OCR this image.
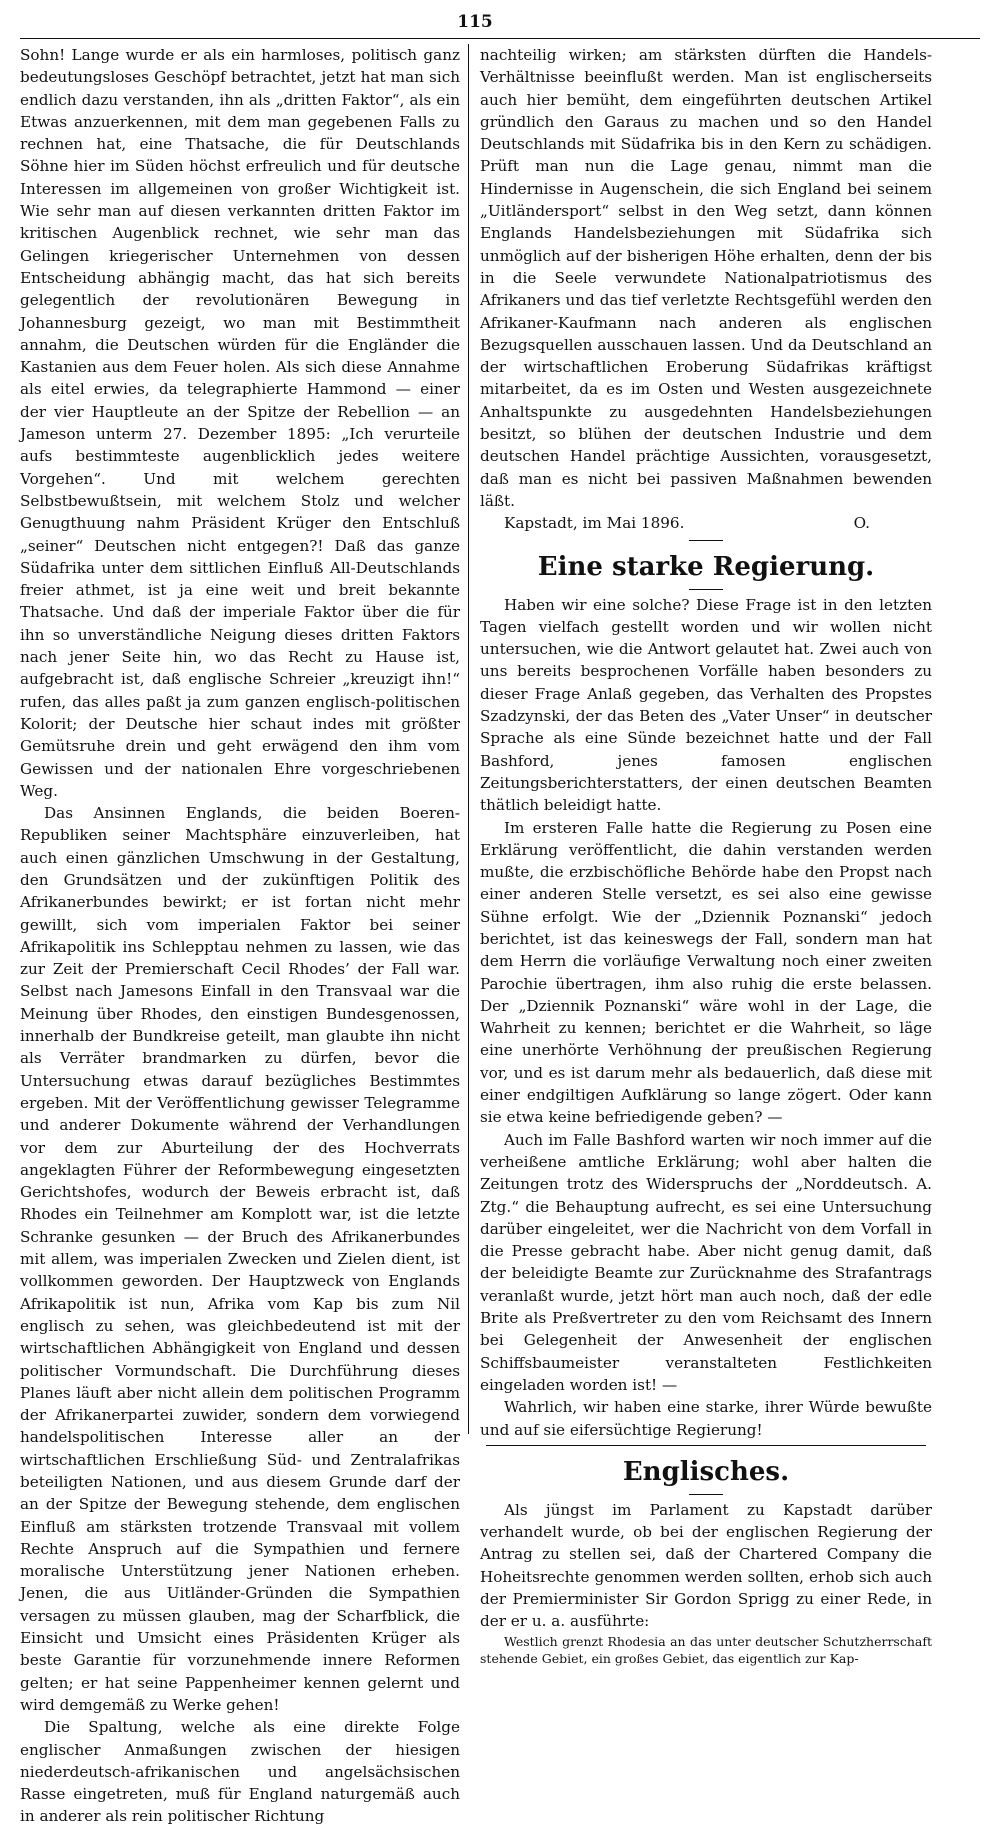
115

Sohn! Lange wurde er als ein harmloses, politisch ganz bedeutungsloses Geschöpf betrachtet, jetzt hat man sich endlich dazu verstanden, ihn als „dritten Faktor“, als ein Etwas anzuerkennen, mit dem man gegebenen Falls zu rechnen hat, eine Thatsache, die für Deutschlands Söhne hier im Süden höchst erfreulich und für deutsche Interessen im allgemeinen von großer Wichtigkeit ist. Wie sehr man auf diesen verkannten dritten Faktor im kritischen Augenblick rechnet, wie sehr man das Gelingen kriegerischer Unternehmen von dessen Entscheidung abhängig macht, das hat sich bereits gelegentlich der revolutionären Bewegung in Johannesburg gezeigt, wo man mit Bestimmtheit annahm, die Deutschen würden für die Engländer die Kastanien aus dem Feuer holen. Als sich diese Annahme als eitel erwies, da telegraphierte Hammond — einer der vier Hauptleute an der Spitze der Rebellion — an Jameson unterm 27. Dezember 1895: „Ich verurteile aufs bestimmteste augenblicklich jedes weitere Vorgehen“. Und mit welchem gerechten Selbstbewußtsein, mit welchem Stolz und welcher Genugthuung nahm Präsident Krüger den Entschluß „seiner“ Deutschen nicht entgegen?! Daß das ganze Südafrika unter dem sittlichen Einfluß All-Deutschlands freier athmet, ist ja eine weit und breit bekannte Thatsache. Und daß der imperiale Faktor über die für ihn so unverständliche Neigung dieses dritten Faktors nach jener Seite hin, wo das Recht zu Hause ist, aufgebracht ist, daß englische Schreier „kreuzigt ihn!“ rufen, das alles paßt ja zum ganzen englisch-politischen Kolorit; der Deutsche hier schaut indes mit größter Gemütsruhe drein und geht erwägend den ihm vom Gewissen und der nationalen Ehre vorgeschriebenen Weg.

Das Ansinnen Englands, die beiden Boeren-Republiken seiner Machtsphäre einzuverleiben, hat auch einen gänzlichen Umschwung in der Gestaltung, den Grundsätzen und der zukünftigen Politik des Afrikanerbundes bewirkt; er ist fortan nicht mehr gewillt, sich vom imperialen Faktor bei seiner Afrikapolitik ins Schlepptau nehmen zu lassen, wie das zur Zeit der Premierschaft Cecil Rhodes’ der Fall war. Selbst nach Jamesons Einfall in den Transvaal war die Meinung über Rhodes, den einstigen Bundesgenossen, innerhalb der Bundkreise geteilt, man glaubte ihn nicht als Verräter brandmarken zu dürfen, bevor die Untersuchung etwas darauf bezügliches Bestimmtes ergeben. Mit der Veröffentlichung gewisser Telegramme und anderer Dokumente während der Verhandlungen vor dem zur Aburteilung der des Hochverrats angeklagten Führer der Reformbewegung eingesetzten Gerichtshofes, wodurch der Beweis erbracht ist, daß Rhodes ein Teilnehmer am Komplott war, ist die letzte Schranke gesunken — der Bruch des Afrikanerbundes mit allem, was imperialen Zwecken und Zielen dient, ist vollkommen geworden. Der Hauptzweck von Englands Afrikapolitik ist nun, Afrika vom Kap bis zum Nil englisch zu sehen, was gleichbedeutend ist mit der wirtschaftlichen Abhängigkeit von England und dessen politischer Vormundschaft. Die Durchführung dieses Planes läuft aber nicht allein dem politischen Programm der Afrikanerpartei zuwider, sondern dem vorwiegend handelspolitischen Interesse aller an der wirtschaftlichen Erschließung Süd- und Zentralafrikas beteiligten Nationen, und aus diesem Grunde darf der an der Spitze der Bewegung stehende, dem englischen Einfluß am stärksten trotzende Transvaal mit vollem Rechte Anspruch auf die Sympathien und fernere moralische Unterstützung jener Nationen erheben. Jenen, die aus Uitländer-Gründen die Sympathien versagen zu müssen glauben, mag der Scharfblick, die Einsicht und Umsicht eines Präsidenten Krüger als beste Garantie für vorzunehmende innere Reformen gelten; er hat seine Pappenheimer kennen gelernt und wird demgemäß zu Werke gehen!

Die Spaltung, welche als eine direkte Folge englischer Anmaßungen zwischen der hiesigen niederdeutsch-afrikanischen und angelsächsischen Rasse eingetreten, muß für England naturgemäß auch in anderer als rein politischer Richtung

nachteilig wirken; am stärksten dürften die Handels-Verhältnisse beeinflußt werden. Man ist englischerseits auch hier bemüht, dem eingeführten deutschen Artikel gründlich den Garaus zu machen und so den Handel Deutschlands mit Südafrika bis in den Kern zu schädigen. Prüft man nun die Lage genau, nimmt man die Hindernisse in Augenschein, die sich England bei seinem „Uitländersport“ selbst in den Weg setzt, dann können Englands Handelsbeziehungen mit Südafrika sich unmöglich auf der bisherigen Höhe erhalten, denn der bis in die Seele verwundete Nationalpatriotismus des Afrikaners und das tief verletzte Rechtsgefühl werden den Afrikaner-Kaufmann nach anderen als englischen Bezugsquellen ausschauen lassen. Und da Deutschland an der wirtschaftlichen Eroberung Südafrikas kräftigst mitarbeitet, da es im Osten und Westen ausgezeichnete Anhaltspunkte zu ausgedehnten Handelsbeziehungen besitzt, so blühen der deutschen Industrie und dem deutschen Handel prächtige Aussichten, vorausgesetzt, daß man es nicht bei passiven Maßnahmen bewenden läßt.

Kapstadt, im Mai 1896.	O.
Eine starke Regierung.

Haben wir eine solche? Diese Frage ist in den letzten Tagen vielfach gestellt worden und wir wollen nicht untersuchen, wie die Antwort gelautet hat. Zwei auch von uns bereits besprochenen Vorfälle haben besonders zu dieser Frage Anlaß gegeben, das Verhalten des Propstes Szadzynski, der das Beten des „Vater Unser“ in deutscher Sprache als eine Sünde bezeichnet hatte und der Fall Bashford, jenes famosen englischen Zeitungsberichterstatters, der einen deutschen Beamten thätlich beleidigt hatte.

Im ersteren Falle hatte die Regierung zu Posen eine Erklärung veröffentlicht, die dahin verstanden werden mußte, die erzbischöfliche Behörde habe den Propst nach einer anderen Stelle versetzt, es sei also eine gewisse Sühne erfolgt. Wie der „Dziennik Poznanski“ jedoch berichtet, ist das keineswegs der Fall, sondern man hat dem Herrn die vorläufige Verwaltung noch einer zweiten Parochie übertragen, ihm also ruhig die erste belassen. Der „Dziennik Poznanski“ wäre wohl in der Lage, die Wahrheit zu kennen; berichtet er die Wahrheit, so läge eine unerhörte Verhöhnung der preußischen Regierung vor, und es ist darum mehr als bedauerlich, daß diese mit einer endgiltigen Aufklärung so lange zögert. Oder kann sie etwa keine befriedigende geben? —

Auch im Falle Bashford warten wir noch immer auf die verheißene amtliche Erklärung; wohl aber halten die Zeitungen trotz des Widerspruchs der „Norddeutsch. A. Ztg.“ die Behauptung aufrecht, es sei eine Untersuchung darüber eingeleitet, wer die Nachricht von dem Vorfall in die Presse gebracht habe. Aber nicht genug damit, daß der beleidigte Beamte zur Zurücknahme des Strafantrags veranlaßt wurde, jetzt hört man auch noch, daß der edle Brite als Preßvertreter zu den vom Reichsamt des Innern bei Gelegenheit der Anwesenheit der englischen Schiffsbaumeister veranstalteten Festlichkeiten eingeladen worden ist! —

Wahrlich, wir haben eine starke, ihrer Würde bewußte und auf sie eifersüchtige Regierung!

Englisches.

Als jüngst im Parlament zu Kapstadt darüber verhandelt wurde, ob bei der englischen Regierung der Antrag zu stellen sei, daß der Chartered Company die Hoheitsrechte genommen werden sollten, erhob sich auch der Premierminister Sir Gordon Sprigg zu einer Rede, in der er u. a. ausführte:

Westlich grenzt Rhodesia an das unter deutscher Schutzherrschaft stehende Gebiet, ein großes Gebiet, das eigentlich zur Kap-
